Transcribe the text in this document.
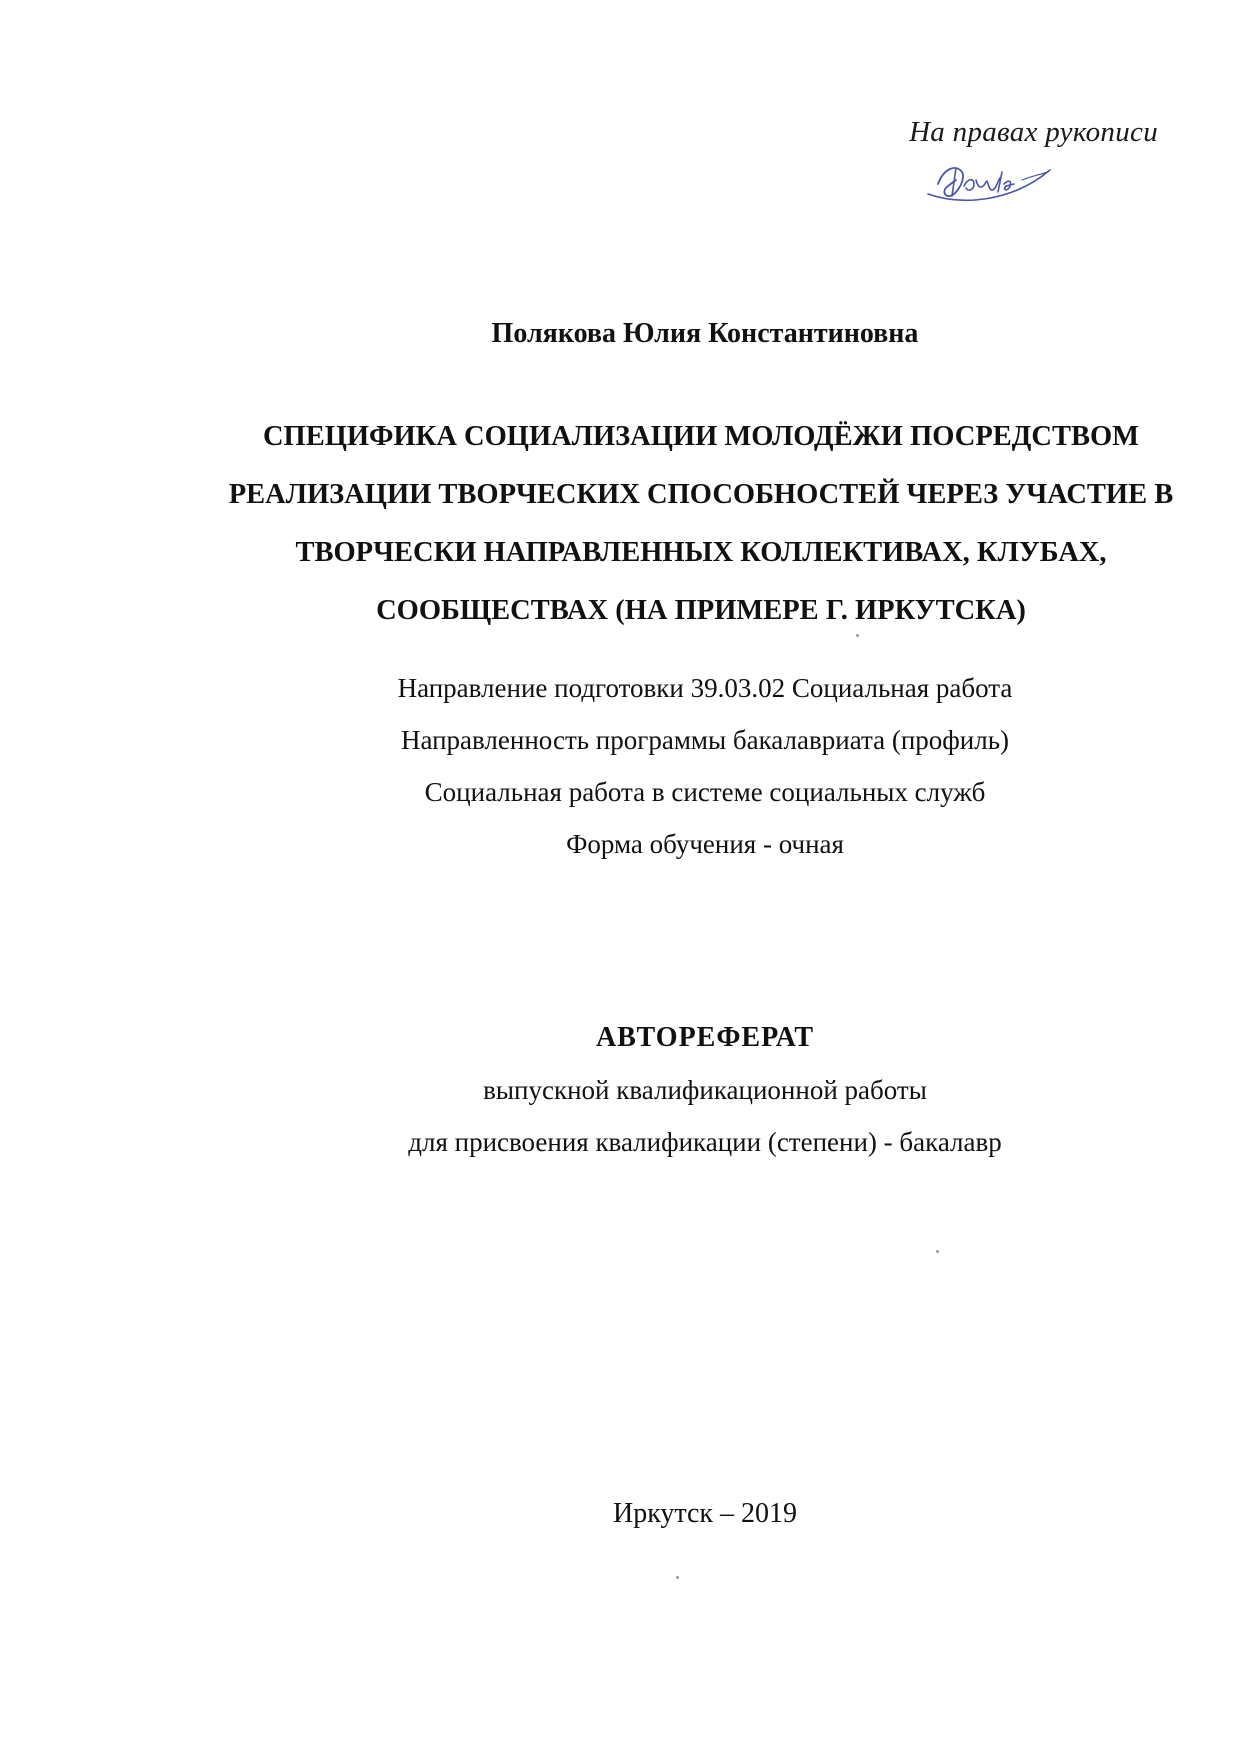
На правах рукописи
Полякова Юлия Константиновна
СПЕЦИФИКА СОЦИАЛИЗАЦИИ МОЛОДЁЖИ ПОСРЕДСТВОМ
РЕАЛИЗАЦИИ ТВОРЧЕСКИХ СПОСОБНОСТЕЙ ЧЕРЕЗ УЧАСТИЕ В
ТВОРЧЕСКИ НАПРАВЛЕННЫХ КОЛЛЕКТИВАХ, КЛУБАХ,
СООБЩЕСТВАХ (НА ПРИМЕРЕ Г. ИРКУТСКА)
Направление подготовки 39.03.02 Социальная работа
Направленность программы бакалавриата (профиль)
Социальная работа в системе социальных служб
Форма обучения - очная
АВТОРЕФЕРАТ
выпускной квалификационной работы
для присвоения квалификации (степени) - бакалавр
Иркутск – 2019
